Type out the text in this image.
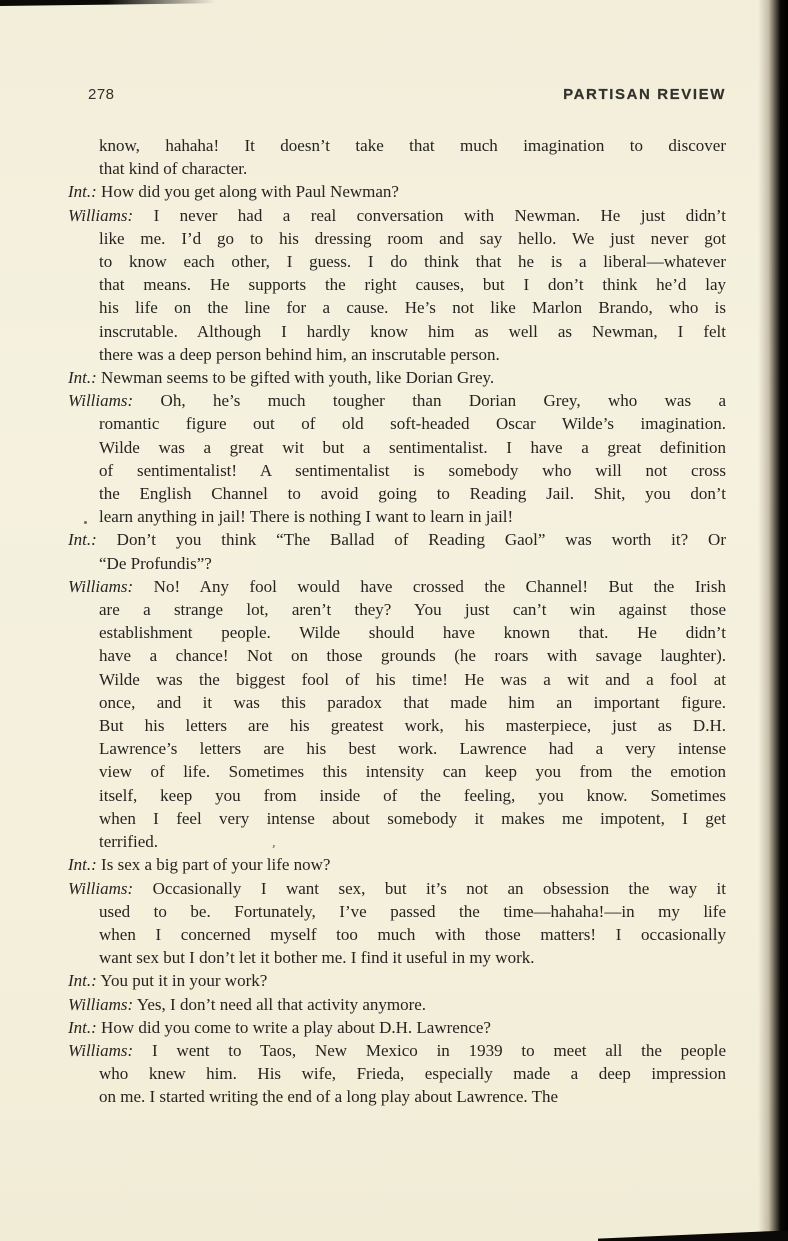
278	PARTISAN REVIEW
know, hahaha! It doesn’t take that much imagination to discover
that kind of character.
Int.: How did you get along with Paul Newman?
Williams: I never had a real conversation with Newman. He just didn’t
like me. I’d go to his dressing room and say hello. We just never got
to know each other, I guess. I do think that he is a liberal—whatever
that means. He supports the right causes, but I don’t think he’d lay
his life on the line for a cause. He’s not like Marlon Brando, who is
inscrutable. Although I hardly know him as well as Newman, I felt
there was a deep person behind him, an inscrutable person.
Int.: Newman seems to be gifted with youth, like Dorian Grey.
Williams: Oh, he’s much tougher than Dorian Grey, who was a
romantic figure out of old soft-headed Oscar Wilde’s imagination.
Wilde was a great wit but a sentimentalist. I have a great definition
of sentimentalist! A sentimentalist is somebody who will not cross
the English Channel to avoid going to Reading Jail. Shit, you don’t
learn anything in jail! There is nothing I want to learn in jail!
Int.: Don’t you think “The Ballad of Reading Gaol” was worth it? Or
“De Profundis”?
Williams: No! Any fool would have crossed the Channel! But the Irish
are a strange lot, aren’t they? You just can’t win against those
establishment people. Wilde should have known that. He didn’t
have a chance! Not on those grounds (he roars with savage laughter).
Wilde was the biggest fool of his time! He was a wit and a fool at
once, and it was this paradox that made him an important figure.
But his letters are his greatest work, his masterpiece, just as D.H.
Lawrence’s letters are his best work. Lawrence had a very intense
view of life. Sometimes this intensity can keep you from the emotion
itself, keep you from inside of the feeling, you know. Sometimes
when I feel very intense about somebody it makes me impotent, I get
terrified.
Int.: Is sex a big part of your life now?
Williams: Occasionally I want sex, but it’s not an obsession the way it
used to be. Fortunately, I’ve passed the time—hahaha!—in my life
when I concerned myself too much with those matters! I occasionally
want sex but I don’t let it bother me. I find it useful in my work.
Int.: You put it in your work?
Williams: Yes, I don’t need all that activity anymore.
Int.: How did you come to write a play about D.H. Lawrence?
Williams: I went to Taos, New Mexico in 1939 to meet all the people
who knew him. His wife, Frieda, especially made a deep impression
on me. I started writing the end of a long play about Lawrence. The
’
